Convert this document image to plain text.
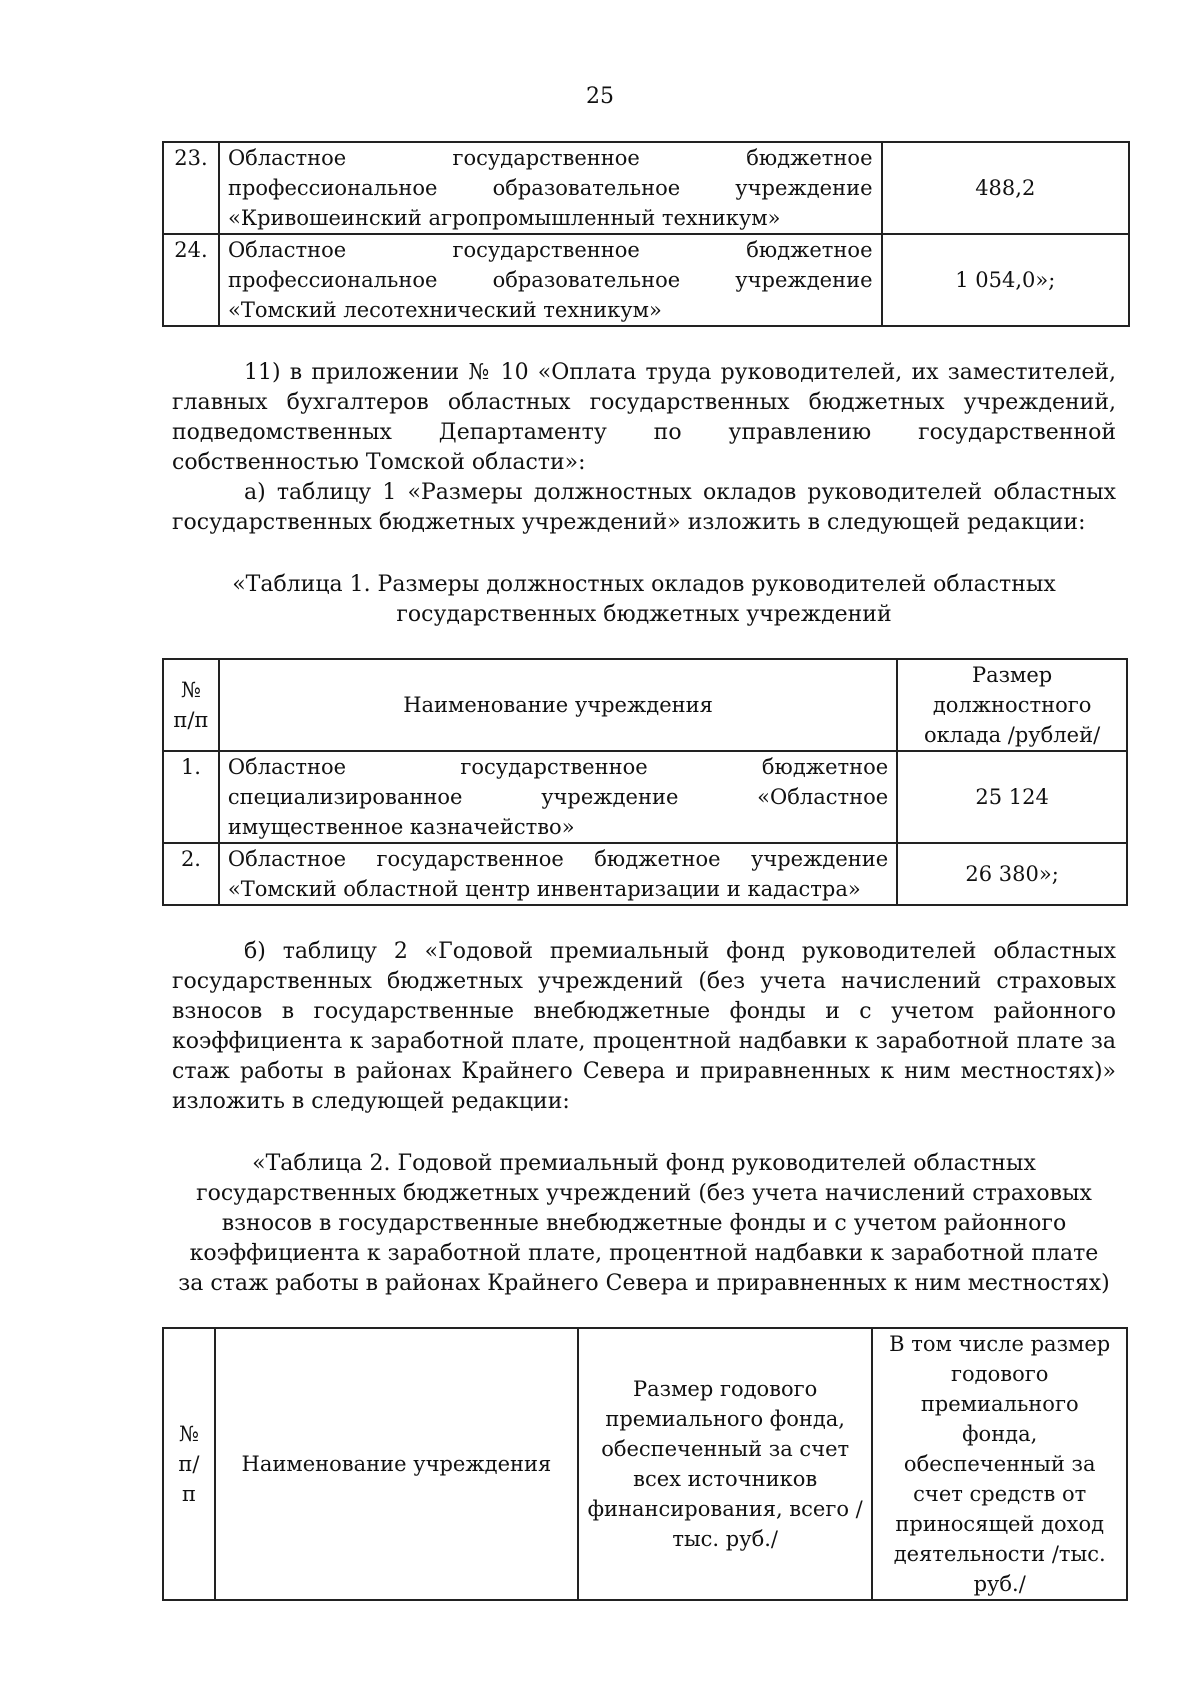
25
23.	Областное государственное бюджетное профессиональное образовательное учреждение «Кривошеинский агропромышленный техникум»	488,2
24.	Областное государственное бюджетное профессиональное образовательное учреждение «Томский лесотехнический техникум»	1 054,0»;
11) в приложении № 10 «Оплата труда руководителей, их заместителей, главных бухгалтеров областных государственных бюджетных учреждений, подведомственных Департаменту по управлению государственной собственностью Томской области»:
а) таблицу 1 «Размеры должностных окладов руководителей областных государственных бюджетных учреждений» изложить в следующей редакции:
«Таблица 1. Размеры должностных окладов руководителей областных
государственных бюджетных учреждений
№ п/п	Наименование учреждения	Размер должностного оклада /рублей/
1.	Областное государственное бюджетное специализированное учреждение «Областное имущественное казначейство»	25 124
2.	Областное государственное бюджетное учреждение «Томский областной центр инвентаризации и кадастра»	26 380»;
б) таблицу 2 «Годовой премиальный фонд руководителей областных государственных бюджетных учреждений (без учета начислений страховых взносов в государственные внебюджетные фонды и с учетом районного коэффициента к заработной плате, процентной надбавки к заработной плате за стаж работы в районах Крайнего Севера и приравненных к ним местностях)» изложить в следующей редакции:
«Таблица 2. Годовой премиальный фонд руководителей областных
государственных бюджетных учреждений (без учета начислений страховых
взносов в государственные внебюджетные фонды и с учетом районного
коэффициента к заработной плате, процентной надбавки к заработной плате
за стаж работы в районах Крайнего Севера и приравненных к ним местностях)
№ п/п	Наименование учреждения	Размер годового премиального фонда, обеспеченный за счет всех источников финансирования, всего /тыс. руб./	В том числе размер годового премиального фонда, обеспеченный за счет средств от приносящей доход деятельности /тыс. руб./
